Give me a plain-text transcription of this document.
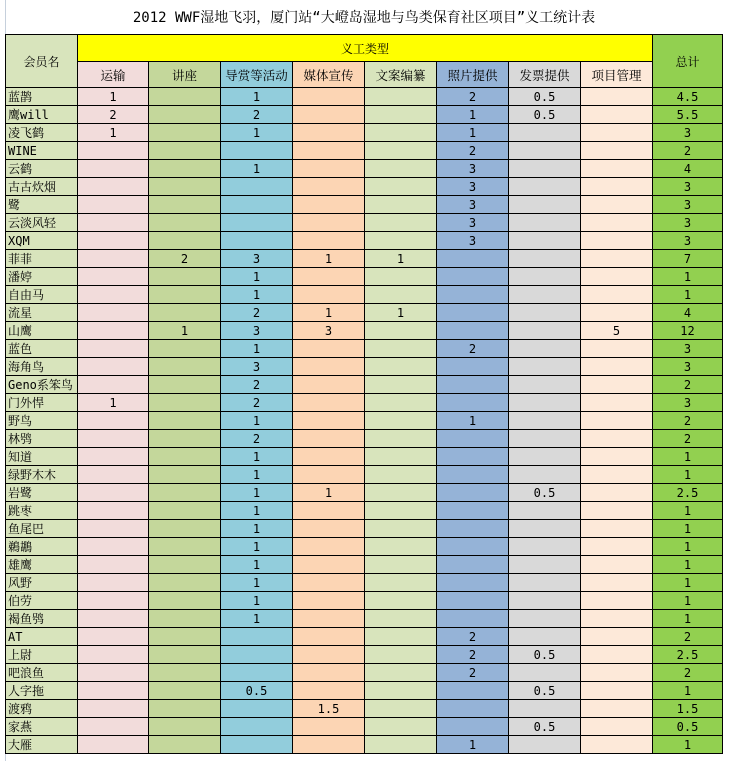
2012 WWF湿地飞羽，厦门站“大嶝岛湿地与鸟类保育社区项目”义工统计表									
会员名	义工类型								总计
	运输	讲座	导赏等活动	媒体宣传	文案编纂	照片提供	发票提供	项目管理	
蓝鹊	1		1			2	0.5		4.5
鹰will	2		2			1	0.5		5.5
凌飞鹤	1		1			1			3
WINE						2			2
云鹤			1			3			4
古古炊烟						3			3
鹭						3			3
云淡风轻						3			3
XQM						3			3
菲菲		2	3	1	1				7
潘婷			1						1
自由马			1						1
流星			2	1	1				4
山鹰		1	3	3				5	12
蓝色			1			2			3
海角鸟			3						3
Geno系笨鸟			2						2
门外悍	1		2						3
野鸟			1			1			2
林鸮			2						2
知道			1						1
绿野木木			1						1
岩鹭			1	1			0.5		2.5
跳枣			1						1
鱼尾巴			1						1
鵜鶘			1						1
雄鹰			1						1
风野			1						1
伯劳			1						1
褐鱼鸮			1						1
AT						2			2
上尉						2	0.5		2.5
吧浪鱼						2			2
人字拖			0.5				0.5		1
渡鸦				1.5					1.5
家燕							0.5		0.5
大雁						1			1
